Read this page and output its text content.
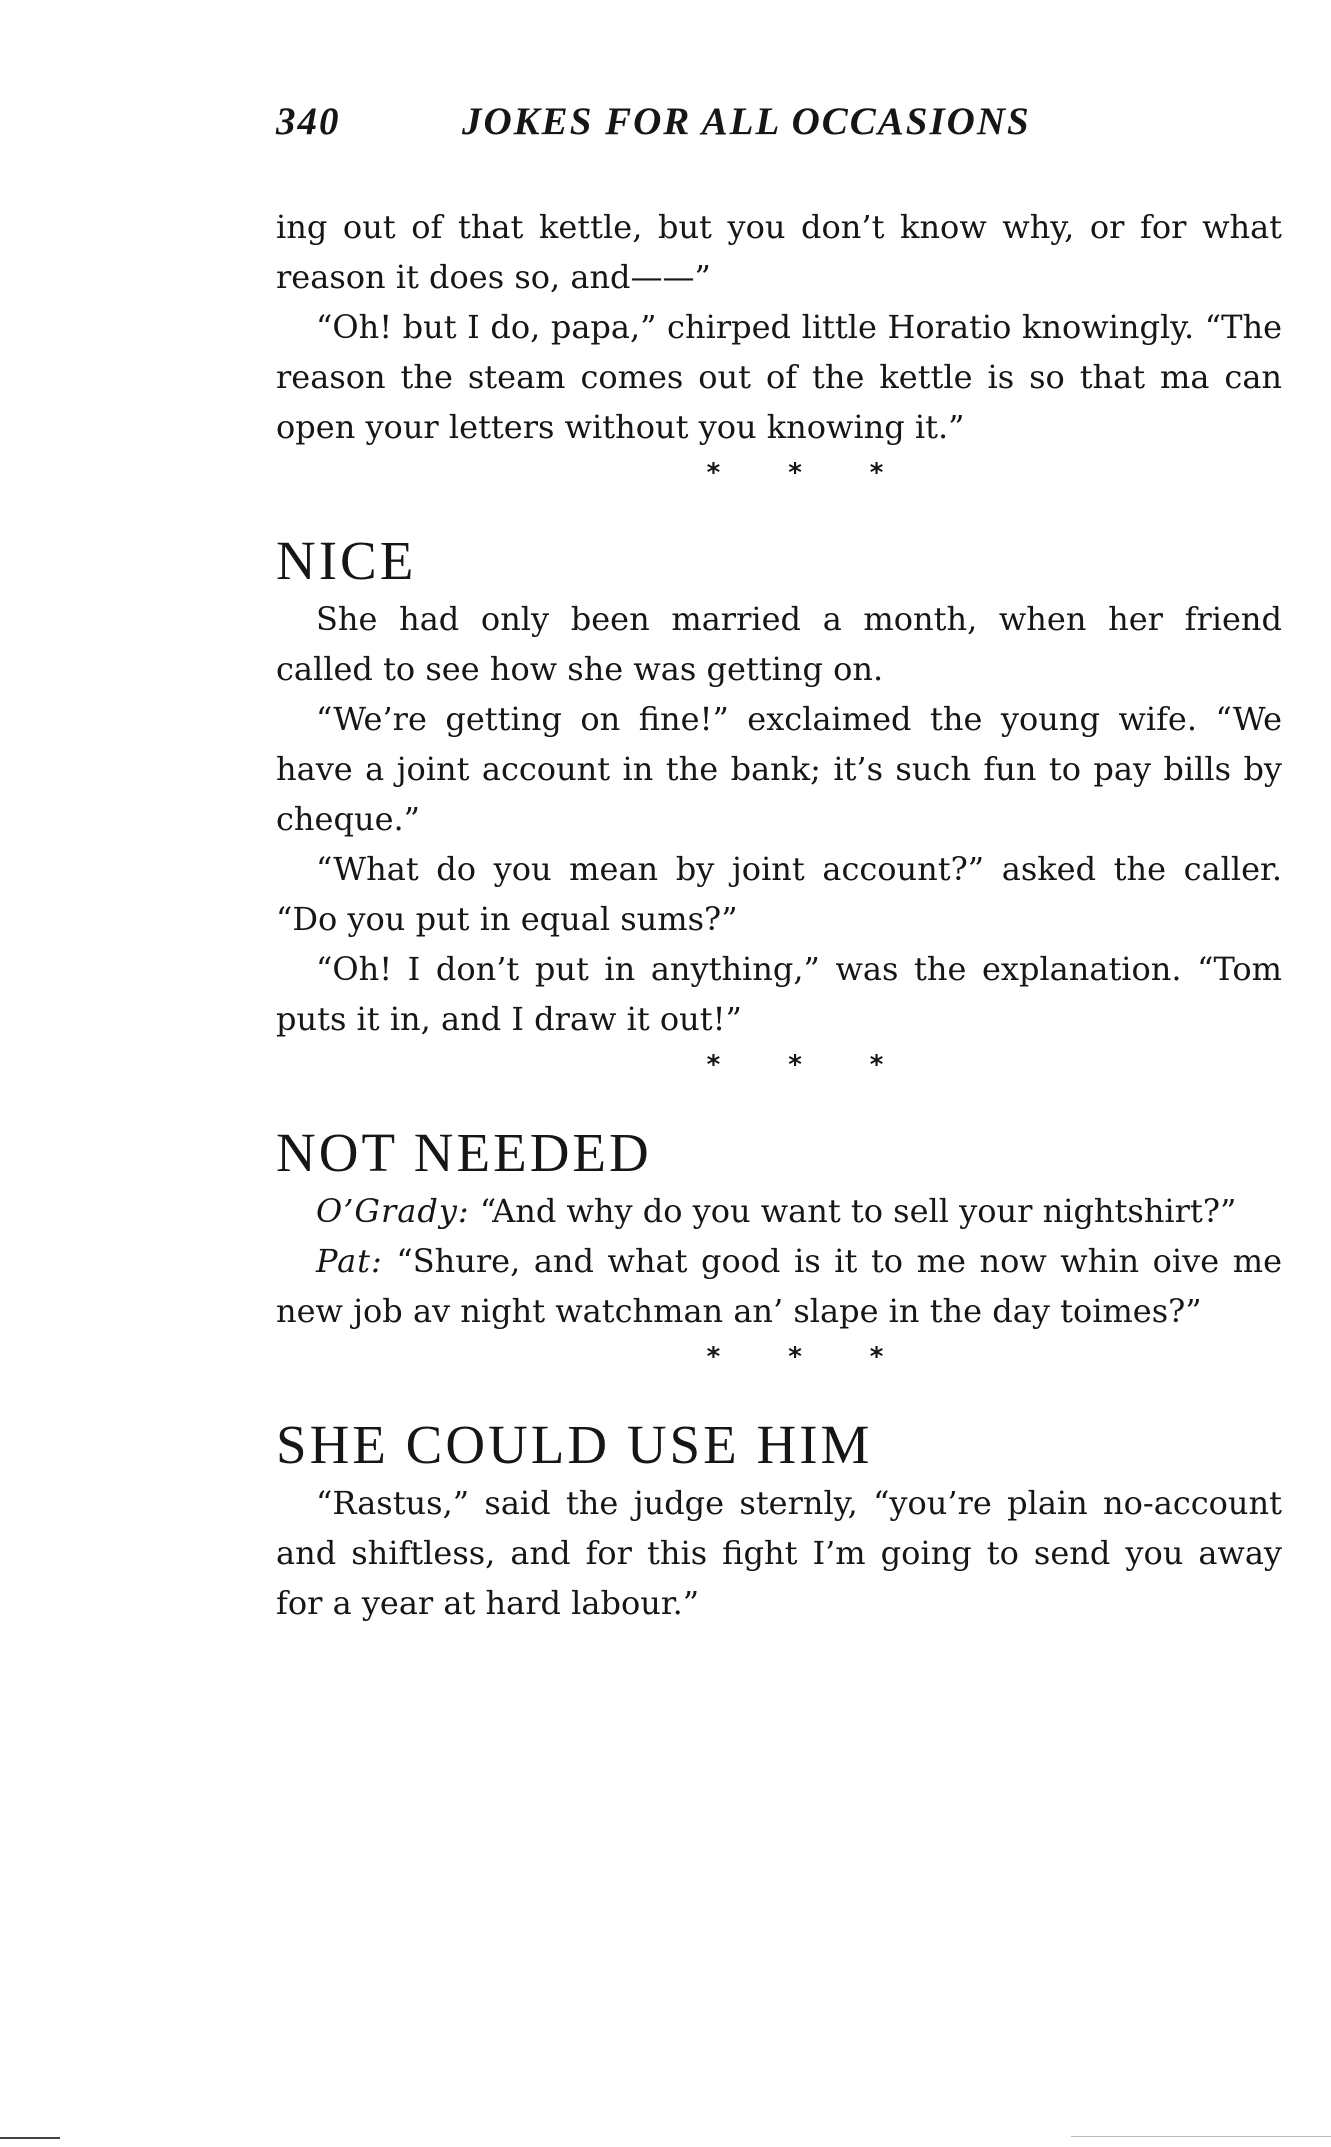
340	JOKES FOR ALL OCCASIONS

ing out of that kettle, but you don’t know why, or for what reason it does so, and——”

“Oh! but I do, papa,” chirped little Horatio knowingly. “The reason the steam comes out of the kettle is so that ma can open your letters without you knowing it.”

*	*	*
NICE

She had only been married a month, when her friend called to see how she was getting on.

“We’re getting on fine!” exclaimed the young wife. “We have a joint account in the bank; it’s such fun to pay bills by cheque.”

“What do you mean by joint account?” asked the caller. “Do you put in equal sums?”

“Oh! I don’t put in anything,” was the explanation. “Tom puts it in, and I draw it out!”

*	*	*
NOT NEEDED

O’Grady: “And why do you want to sell your nightshirt?”

Pat: “Shure, and what good is it to me now whin oive me new job av night watchman an’ slape in the day toimes?”

*	*	*
SHE COULD USE HIM

“Rastus,” said the judge sternly, “you’re plain no-account and shiftless, and for this fight I’m going to send you away for a year at hard labour.”
